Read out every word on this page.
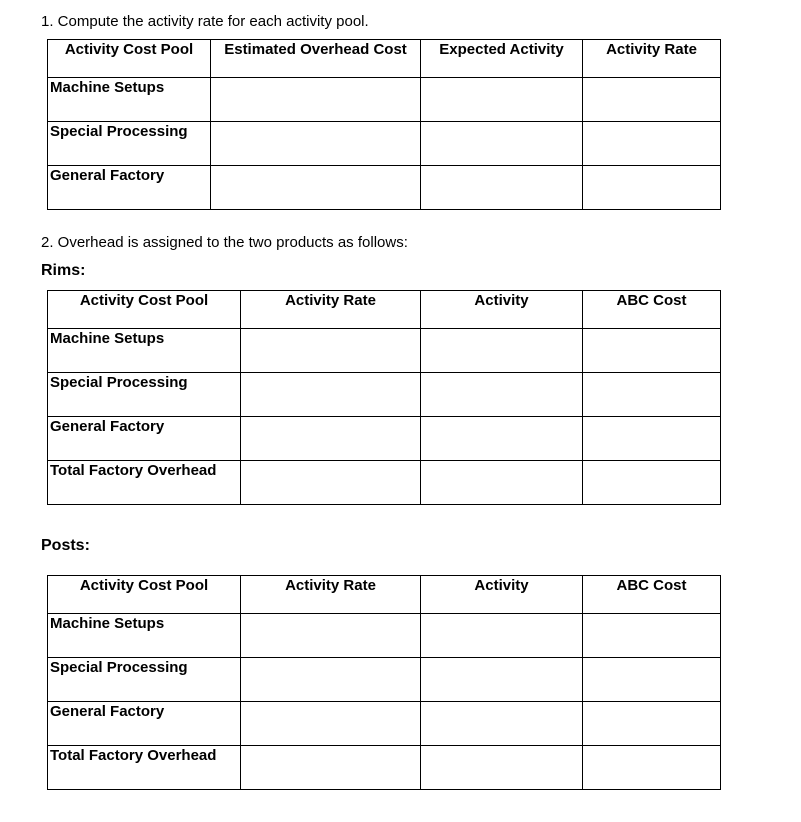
1. Compute the activity rate for each activity pool.
Activity Cost Pool	Estimated Overhead Cost	Expected Activity	Activity Rate
Machine Setups			
Special Processing			
General Factory			
2. Overhead is assigned to the two products as follows:
Rims:
Activity Cost Pool	Activity Rate	Activity	ABC Cost
Machine Setups			
Special Processing			
General Factory			
Total Factory Overhead			
Posts:
Activity Cost Pool	Activity Rate	Activity	ABC Cost
Machine Setups			
Special Processing			
General Factory			
Total Factory Overhead			
